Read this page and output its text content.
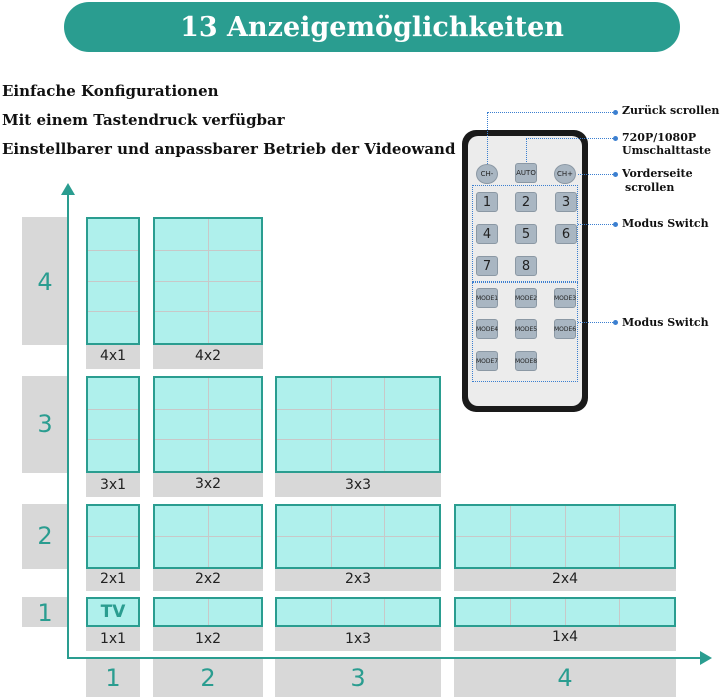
13 Anzeigemöglichkeiten
Einfache Konfigurationen
Mit einem Tastendruck verfügbar
Einstellbarer und anpassbarer Betrieb der Videowand
4
3
2
1
1	2	3	4
TV
4x1	4x2
3x1	3x2	3x3
2x1	2x2	2x3	2x4
1x1	1x2	1x3	1x4
CH-	AUTO	CH+
1	2	3
4	5	6
7	8
MODE1	MODE2	MODE3
MODE4	MODE5	MODE6
MODE7	MODE8
Zurück scrollen
720P/1080P
Umschalttaste
Vorderseite
scrollen
Modus Switch
Modus Switch
